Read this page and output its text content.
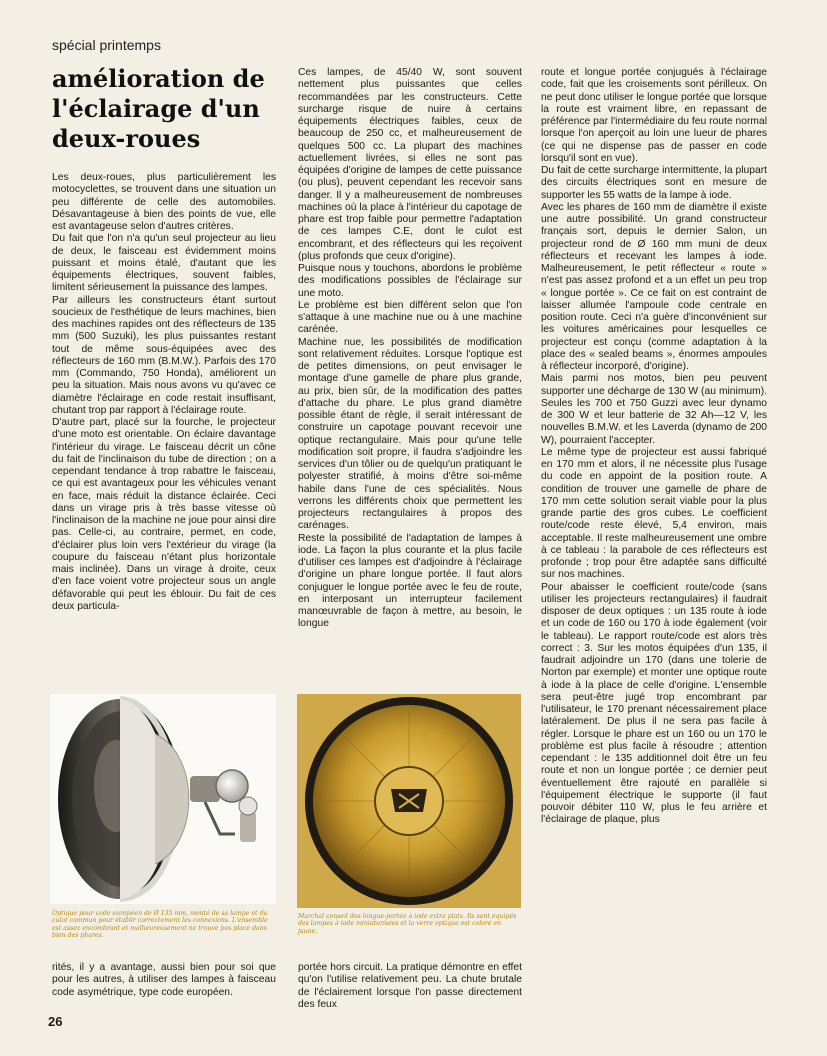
spécial printemps
amélioration de l'éclairage d'un deux-roues

Les deux-roues, plus particulièrement les motocyclettes, se trouvent dans une situation un peu différente de celle des automobiles. Désavantageuse à bien des points de vue, elle est avantageuse selon d'autres critères.

Du fait que l'on n'a qu'un seul projecteur au lieu de deux, le faisceau est évidemment moins puissant et moins étalé, d'autant que les équipements électriques, souvent faibles, limitent sérieusement la puissance des lampes.

Par ailleurs les constructeurs étant surtout soucieux de l'esthétique de leurs machines, bien des machines rapides ont des réflecteurs de 135 mm (500 Suzuki), les plus puissantes restant tout de même sous-équipées avec des réflecteurs de 160 mm (B.M.W.). Parfois des 170 mm (Commando, 750 Honda), améliorent un peu la situation. Mais nous avons vu qu'avec ce diamètre l'éclairage en code restait insuffisant, chutant trop par rapport à l'éclairage route.

D'autre part, placé sur la fourche, le projecteur d'une moto est orientable. On éclaire davantage l'intérieur du virage. Le faisceau décrit un cône du fait de l'inclinaison du tube de direction ; on a cependant tendance à trop rabattre le faisceau, ce qui est avantageux pour les véhicules venant en face, mais réduit la distance éclairée. Ceci dans un virage pris à très basse vitesse où l'inclinaison de la machine ne joue pour ainsi dire pas. Celle-ci, au contraire, permet, en code, d'éclairer plus loin vers l'extérieur du virage (la coupure du faisceau n'étant plus horizontale mais inclinée). Dans un virage à droite, ceux d'en face voient votre projecteur sous un angle défavorable qui peut les éblouir. Du fait de ces deux particula-

Ces lampes, de 45/40 W, sont souvent nettement plus puissantes que celles recommandées par les constructeurs. Cette surcharge risque de nuire à certains équipements électriques faibles, ceux de beaucoup de 250 cc, et malheureusement de quelques 500 cc. La plupart des machines actuellement livrées, si elles ne sont pas équipées d'origine de lampes de cette puissance (ou plus), peuvent cependant les recevoir sans danger. Il y a malheureusement de nombreuses machines où la place à l'intérieur du capotage de phare est trop faible pour permettre l'adaptation de ces lampes C.E, dont le culot est encombrant, et des réflecteurs qui les reçoivent (plus profonds que ceux d'origine).

Puisque nous y touchons, abordons le problème des modifications possibles de l'éclairage sur une moto.

Le problème est bien différent selon que l'on s'attaque à une machine nue ou à une machine carénée.

Machine nue, les possibilités de modification sont relativement réduites. Lorsque l'optique est de petites dimensions, on peut envisager le montage d'une gamelle de phare plus grande, au prix, bien sûr, de la modification des pattes d'attache du phare. Le plus grand diamètre possible étant de règle, il serait intéressant de construire un capotage pouvant recevoir une optique rectangulaire. Mais pour qu'une telle modification soit propre, il faudra s'adjoindre les services d'un tôlier ou de quelqu'un pratiquant le polyester stratifié, à moins d'être soi-même habile dans l'une de ces spécialités. Nous verrons les différents choix que permettent les projecteurs rectangulaires à propos des carénages.

Reste la possibilité de l'adaptation de lampes à iode. La façon la plus courante et la plus facile d'utiliser ces lampes est d'adjoindre à l'éclairage d'origine un phare longue portée. Il faut alors conjuguer le longue portée avec le feu de route, en interposant un interrupteur facilement manœuvrable de façon à mettre, au besoin, le longue

route et longue portée conjugués à l'éclairage code, fait que les croisements sont périlleux. On ne peut donc utiliser le longue portée que lorsque la route est vraiment libre, en repassant de préférence par l'intermédiaire du feu route normal lorsque l'on aperçoit au loin une lueur de phares (ce qui ne dispense pas de passer en code lorsqu'il sont en vue).

Du fait de cette surcharge intermittente, la plupart des circuits électriques sont en mesure de supporter les 55 watts de la lampe à iode.

Avec les phares de 160 mm de diamètre il existe une autre possibilité. Un grand constructeur français sort, depuis le dernier Salon, un projecteur rond de Ø 160 mm muni de deux réflecteurs et recevant les lampes à iode. Malheureusement, le petit réflecteur « route » n'est pas assez profond et a un effet un peu trop « longue portée ». Ce ce fait on est contraint de laisser allumée l'ampoule code centrale en position route. Ceci n'a guère d'inconvénient sur les voitures américaines pour lesquelles ce projecteur est conçu (comme adaptation à la place des « sealed beams », énormes ampoules à réflecteur incorporé, d'origine).

Mais parmi nos motos, bien peu peuvent supporter une décharge de 130 W (au minimum). Seules les 700 et 750 Guzzi avec leur dynamo de 300 W et leur batterie de 32 Ah—12 V, les nouvelles B.M.W. et les Laverda (dynamo de 200 W), pourraient l'accepter.

Le même type de projecteur est aussi fabriqué en 170 mm et alors, il ne nécessite plus l'usage du code en appoint de la position route. A condition de trouver une gamelle de phare de 170 mm cette solution serait viable pour la plus grande partie des gros cubes. Le coefficient route/code reste élevé, 5,4 environ, mais acceptable. Il reste malheureusement une ombre à ce tableau : la parabole de ces réflecteurs est profonde ; trop pour être adaptée sans difficulté sur nos machines.

Pour abaisser le coefficient route/code (sans utiliser les projecteurs rectangulaires) il faudrait disposer de deux optiques : un 135 route à iode et un code de 160 ou 170 à iode également (voir le tableau). Le rapport route/code est alors très correct : 3. Sur les motos équipées d'un 135, il faudrait adjoindre un 170 (dans une tolerie de Norton par exemple) et monter une optique route à iode à la place de celle d'origine. L'ensemble sera peut-être jugé trop encombrant par l'utilisateur, le 170 prenant nécessairement place latéralement. De plus il ne sera pas facile à régler. Lorsque le phare est un 160 ou un 170 le problème est plus facile à résoudre ; attention cependant : le 135 additionnel doit être un feu route et non un longue portée ; ce dernier peut éventuellement être rajouté en parallèle si l'équipement électrique le supporte (il faut pouvoir débiter 110 W, plus le feu arrière et l'éclairage de plaque, plus

Optique pour code européen de Ø 135 mm, monté de sa lampe et du culot commun pour établir correctement les connexions. L'ensemble est assez encombrant et malheureusement ne trouve pas place dans bien des phares.
Marchal conseil des longue-portée à iode extra plats. Ils sont équipés des lampes à iode miniaturisées et la verre optique est coloré en jaune.

rités, il y a avantage, aussi bien pour soi que pour les autres, à utiliser des lampes à faisceau code asymétrique, type code européen.

portée hors circuit. La pratique démontre en effet qu'on l'utilise relativement peu. La chute brutale de l'éclairement lorsque l'on passe directement des feux

26
